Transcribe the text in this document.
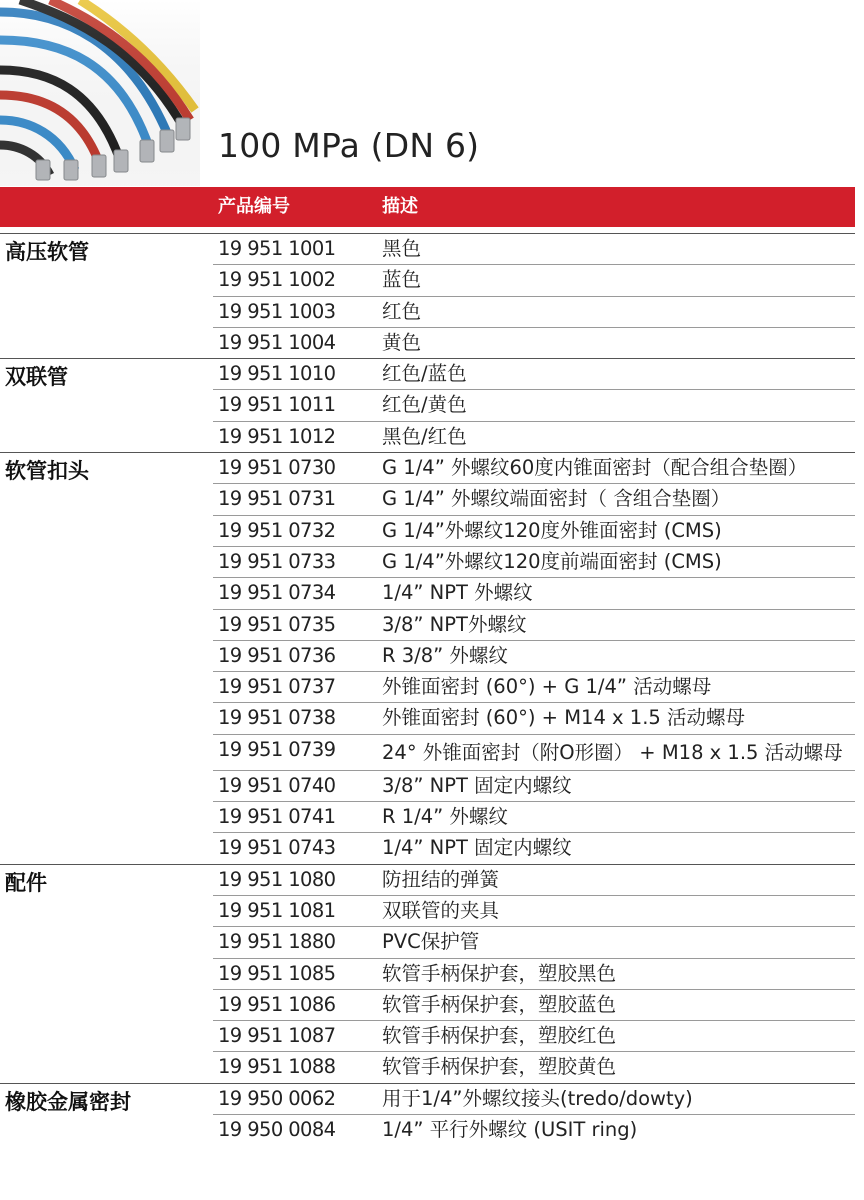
100 MPa (DN 6)
产品编号	描述
高压软管	19 951 1001 黑色
19 951 1002 蓝色
19 951 1003 红色
19 951 1004 黄色
双联管	19 951 1010 红色/蓝色
19 951 1011 红色/黄色
19 951 1012 黑色/红色
软管扣头	19 951 0730 G 1/4” 外螺纹60度内锥面密封（配合组合垫圈）
19 951 0731 G 1/4” 外螺纹端面密封（ 含组合垫圈）
19 951 0732 G 1/4”外螺纹120度外锥面密封 (CMS)
19 951 0733 G 1/4”外螺纹120度前端面密封 (CMS)
19 951 0734 1/4” NPT 外螺纹
19 951 0735 3/8” NPT外螺纹
19 951 0736 R 3/8” 外螺纹
19 951 0737 外锥面密封 (60°) + G 1/4” 活动螺母
19 951 0738 外锥面密封 (60°) + M14 x 1.5 活动螺母
19 951 0739 24° 外锥面密封（附O形圈） + M18 x 1.5 活动螺母
19 951 0740 3/8” NPT 固定内螺纹
19 951 0741 R 1/4” 外螺纹
19 951 0743 1/4” NPT 固定内螺纹
配件	19 951 1080 防扭结的弹簧
19 951 1081 双联管的夹具
19 951 1880 PVC保护管
19 951 1085 软管手柄保护套，塑胶黑色
19 951 1086 软管手柄保护套，塑胶蓝色
19 951 1087 软管手柄保护套，塑胶红色
19 951 1088 软管手柄保护套，塑胶黄色
橡胶金属密封	19 950 0062 用于1/4”外螺纹接头(tredo/dowty)
19 950 0084 1/4” 平行外螺纹 (USIT ring)
